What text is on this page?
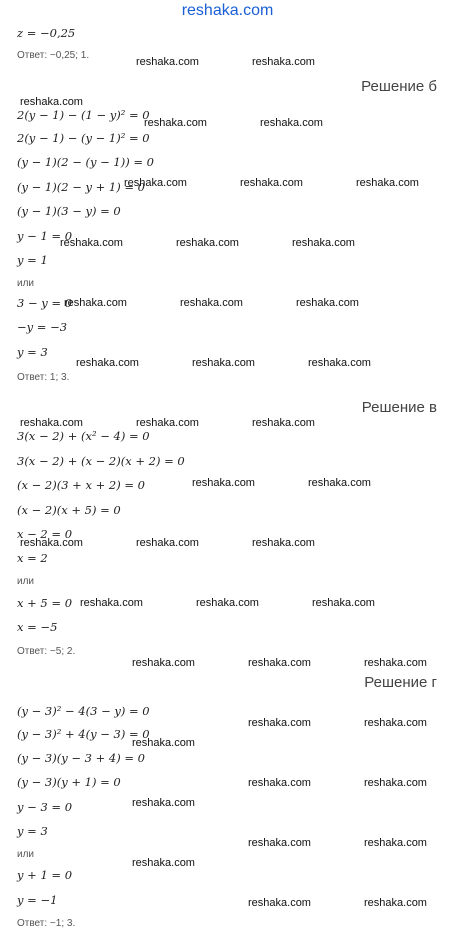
reshaka.com
z = −0,25
Ответ: −0,25; 1.
Решение б
2(y − 1) − (1 − y)² = 0
2(y − 1) − (y − 1)² = 0
(y − 1)(2 − (y − 1)) = 0
(y − 1)(2 − y + 1) = 0
(y − 1)(3 − y) = 0
y − 1 = 0
y = 1
или
3 − y = 0
−y = −3
y = 3
Ответ: 1; 3.
Решение в
3(x − 2) + (x² − 4) = 0
3(x − 2) + (x − 2)(x + 2) = 0
(x − 2)(3 + x + 2) = 0
(x − 2)(x + 5) = 0
x − 2 = 0
x = 2
или
x + 5 = 0
x = −5
Ответ: −5; 2.
Решение г
(y − 3)² − 4(3 − y) = 0
(y − 3)² + 4(y − 3) = 0
(y − 3)(y − 3 + 4) = 0
(y − 3)(y + 1) = 0
y − 3 = 0
y = 3
или
y + 1 = 0
y = −1
Ответ: −1; 3.
reshaka.com	reshaka.com
reshaka.com
reshaka.com	reshaka.com
reshaka.com	reshaka.com	reshaka.com
reshaka.com	reshaka.com	reshaka.com
reshaka.com	reshaka.com	reshaka.com
reshaka.com	reshaka.com	reshaka.com
reshaka.com	reshaka.com	reshaka.com
reshaka.com	reshaka.com
reshaka.com	reshaka.com	reshaka.com
reshaka.com	reshaka.com	reshaka.com
reshaka.com	reshaka.com	reshaka.com
reshaka.com	reshaka.com
reshaka.com
reshaka.com	reshaka.com
reshaka.com
reshaka.com	reshaka.com
reshaka.com
reshaka.com	reshaka.com
